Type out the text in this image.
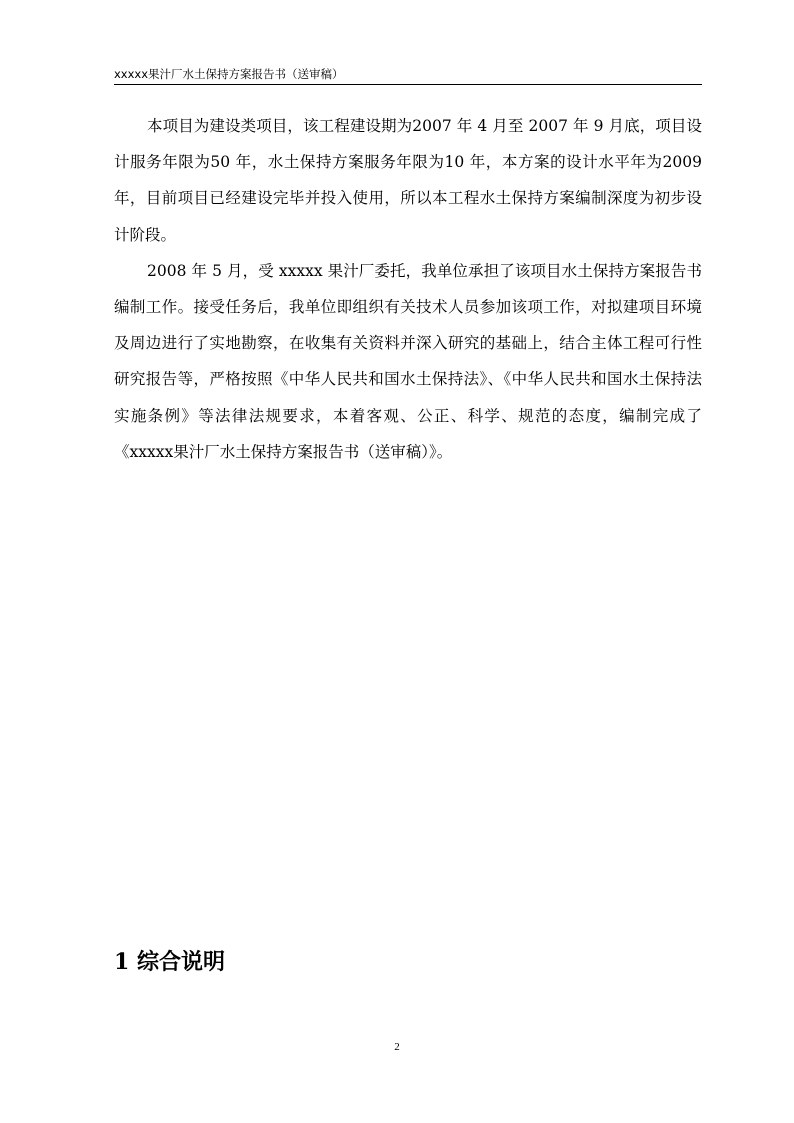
xxxxx果汁厂水土保持方案报告书（送审稿）

本项目为建设类项目，该工程建设期为2007 年 4 月至 2007 年 9 月底，项目设计服务年限为50 年，水土保持方案服务年限为10 年，本方案的设计水平年为2009 年，目前项目已经建设完毕并投入使用，所以本工程水土保持方案编制深度为初步设计阶段。

2008 年 5 月，受 xxxxx 果汁厂委托，我单位承担了该项目水土保持方案报告书编制工作。接受任务后，我单位即组织有关技术人员参加该项工作，对拟建项目环境及周边进行了实地勘察，在收集有关资料并深入研究的基础上，结合主体工程可行性研究报告等，严格按照《中华人民共和国水土保持法》、《中华人民共和国水土保持法实施条例》等法律法规要求，本着客观、公正、科学、规范的态度，编制完成了《xxxxx果汁厂水土保持方案报告书（送审稿）》。

1 综合说明
2
